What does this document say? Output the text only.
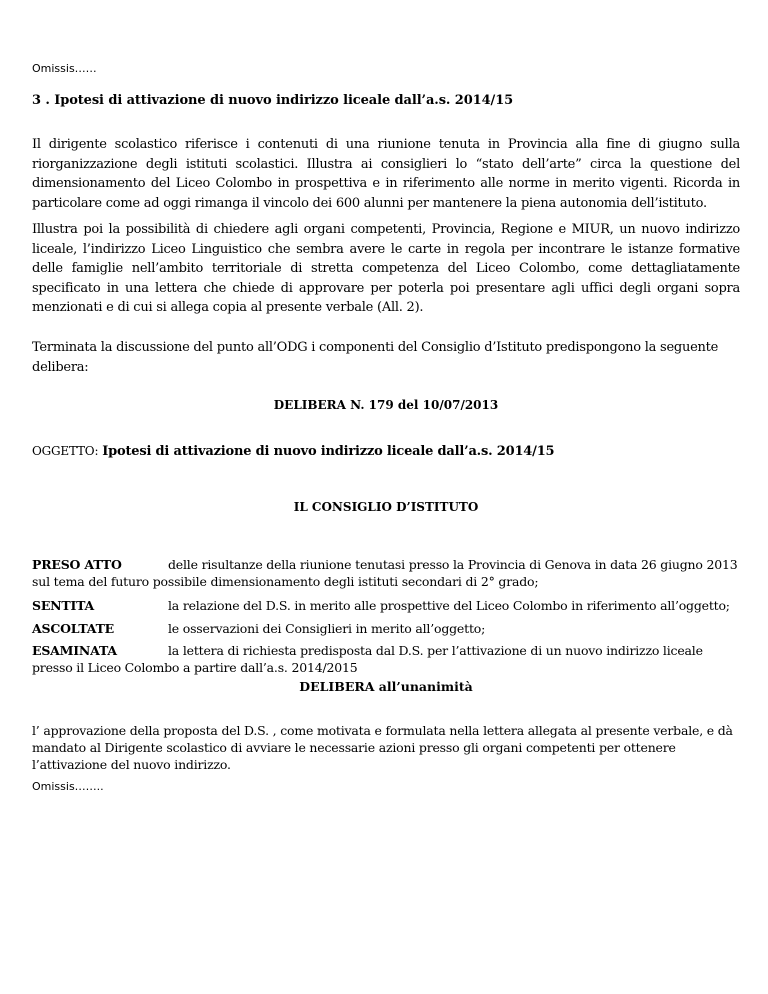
Omissis……
3 . Ipotesi di attivazione di nuovo indirizzo liceale dall’a.s. 2014/15
Il dirigente scolastico riferisce i contenuti di una riunione tenuta in Provincia alla fine di giugno sulla riorganizzazione degli istituti scolastici. Illustra ai consiglieri lo “stato dell’arte” circa la questione del dimensionamento del Liceo Colombo in prospettiva e in riferimento alle norme in merito vigenti. Ricorda in particolare come ad oggi rimanga il vincolo dei 600 alunni per mantenere la piena autonomia dell’istituto.
Illustra poi la possibilità di chiedere agli organi competenti, Provincia, Regione e MIUR, un nuovo indirizzo liceale, l’indirizzo Liceo Linguistico che sembra avere le carte in regola per incontrare le istanze formative delle famiglie nell’ambito territoriale di stretta competenza del Liceo Colombo, come dettagliatamente specificato in una lettera che chiede di approvare per poterla poi presentare agli uffici degli organi sopra menzionati e di cui si allega copia al presente verbale (All. 2).
Terminata la discussione del punto all’ODG i componenti del Consiglio d’Istituto predispongono la seguente delibera:
DELIBERA N. 179 del 10/07/2013
OGGETTO: Ipotesi di attivazione di nuovo indirizzo liceale dall’a.s. 2014/15
IL CONSIGLIO D’ISTITUTO
PRESO ATTO	delle risultanze della riunione tenutasi presso la Provincia di Genova in data 26 giugno 2013 sul tema del futuro possibile dimensionamento degli istituti secondari di 2° grado;
SENTITA	la relazione del D.S. in merito alle prospettive del Liceo Colombo in riferimento all’oggetto;
ASCOLTATE	le osservazioni dei Consiglieri in merito all’oggetto;
ESAMINATA	la lettera di richiesta predisposta dal D.S. per l’attivazione di un nuovo indirizzo liceale presso il Liceo Colombo a partire dall’a.s. 2014/2015
DELIBERA all’unanimità
l’ approvazione della proposta del D.S. , come motivata e formulata nella lettera allegata al presente verbale, e dà mandato al Dirigente scolastico di avviare le necessarie azioni presso gli organi competenti per ottenere l’attivazione del nuovo indirizzo.
Omissis……..
